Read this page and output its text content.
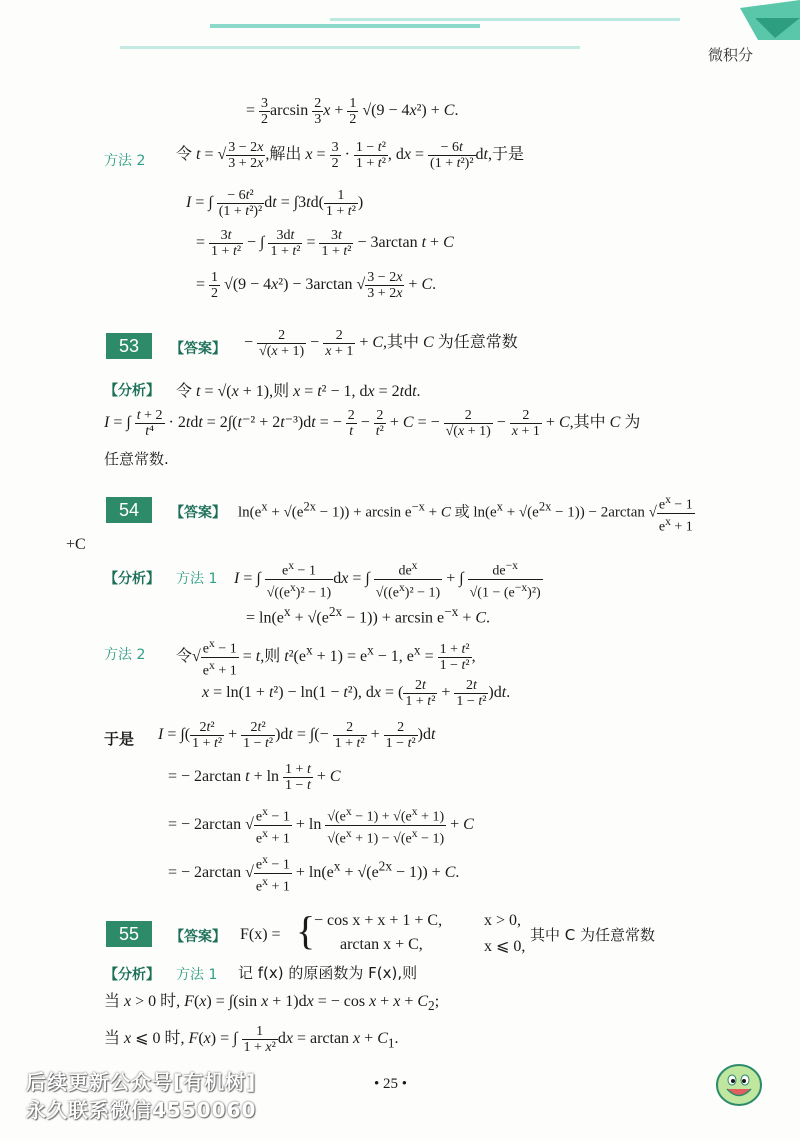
微积分
= $\frac{3}{2}$ $\arcsin \frac{2}{3}$ $x + \frac{1}{2} √(9 - 4x^2) + C$.
方法 2 令 t = √ $\frac{3 - 2x}{3 + 2x}$ ,解出 $x = \frac{3}{2} \cdot \frac{\text{1 − t²}}{\text{1 + t²}}$ , dx = $\frac{- 6t}{\text{(1 + t²)²}}$ dt,于是
I = ∫ $\frac{\text{− 6t²}}{\text{(1 + t²)²}}$ dt = $\int 3td( \frac{1}{\text{1 + t²}}$ )
= $\frac{3t}{\text{1 + t²}}$ − ∫ $\frac{3dt}{\text{1 + t²}} = \frac{3t}{\text{1 + t²}} - 3\arctan$ t + C
= $\frac{1}{2} √(9 - 4x^2) - 3\arctan$ √ $\frac{3 - 2x}{3 + 2x} + C$.
53	【答案】 − $\frac{2}{√(x + 1)} - \frac{2}{x + 1} + C$,其中 C 为任意常数
【分析】 令 t = √(x + 1),则 x = t² − 1, dx = 2tdt.
I = ∫ $\frac{t + 2}{\text{t⁴}} \cdot 2tdt = 2\int(t^{-2} + 2t^{-3})dt$ = − $\frac{2}{t} - \frac{2}{\text{t²}} + C$ = − $\frac{2}{√(x + 1)} - \frac{2}{x + 1} + C$,其中 C 为
任意常数.
54	【答案】 $\ln(e^x + √(e^{2x} - 1)) + \arcsin e^{-x} + C$ 或 $\ln(e^x + √(e^{2x} - 1)) - 2\arctan$ √ $\frac{e^x - 1}{e^x + 1}$
+C
【分析】 方法 1 I = ∫ $\frac{e^x - 1}{√((e^x)^2 - 1)}$ dx = ∫ $\frac{de^x}{√((e^x)^2 - 1)}$ + ∫ $\frac{de^{-x}}{√(1 - (e^{-x})^2)}$
= $\ln(e^x + √(e^{2x} - 1)) + \arcsin e^{-x} + C$.
方法 2 令√ $\frac{e^x - 1}{e^x + 1} = t$,则 $t^2(e^x + 1) = e^x - 1$, $e^x = \frac{\text{1 + t²}}{\text{1 − t²}}$ ,
x = ln(1 + t²) − ln(1 − t²), dx = ( $\frac{2t}{\text{1 + t²}} + \frac{2t}{\text{1 − t²}} )dt$.
于是 I = ∫( $\frac{\text{2t²}}{\text{1 + t²}} + \frac{\text{2t²}}{\text{1 − t²}} )dt$ = ∫(− $\frac{2}{\text{1 + t²}} + \frac{2}{\text{1 − t²}} )dt$
= − 2arctan $t + \ln \frac{1 + t}{1 - t} + C$
= − 2arctan √ $\frac{e^x - 1}{e^x + 1} + \ln \frac{√(e^x - 1) + √(e^x + 1)}{√(e^x + 1) - √(e^x - 1)} + C$
= − 2arctan √ $\frac{e^x - 1}{e^x + 1} + \ln(e^x + √(e^{2x} - 1)) + C$.
55	【答案】 F(x) = {
− cos x + x + 1 + C,	x > 0,
arctan x + C,	x ⩽ 0,
其中 C 为任意常数
【分析】 方法 1 记 f(x) 的原函数为 F(x),则
当 x > 0 时, F(x) = ∫(sin x + 1)dx = − $\cos x + x + C_2$;
当 x ⩽ 0 时, F(x) = ∫ $\frac{1}{\text{1 + x²}}$ dx = $\arctan x + C_1$.
• 25 •
后续更新公众号[有机树]
永久联系微信4550060
